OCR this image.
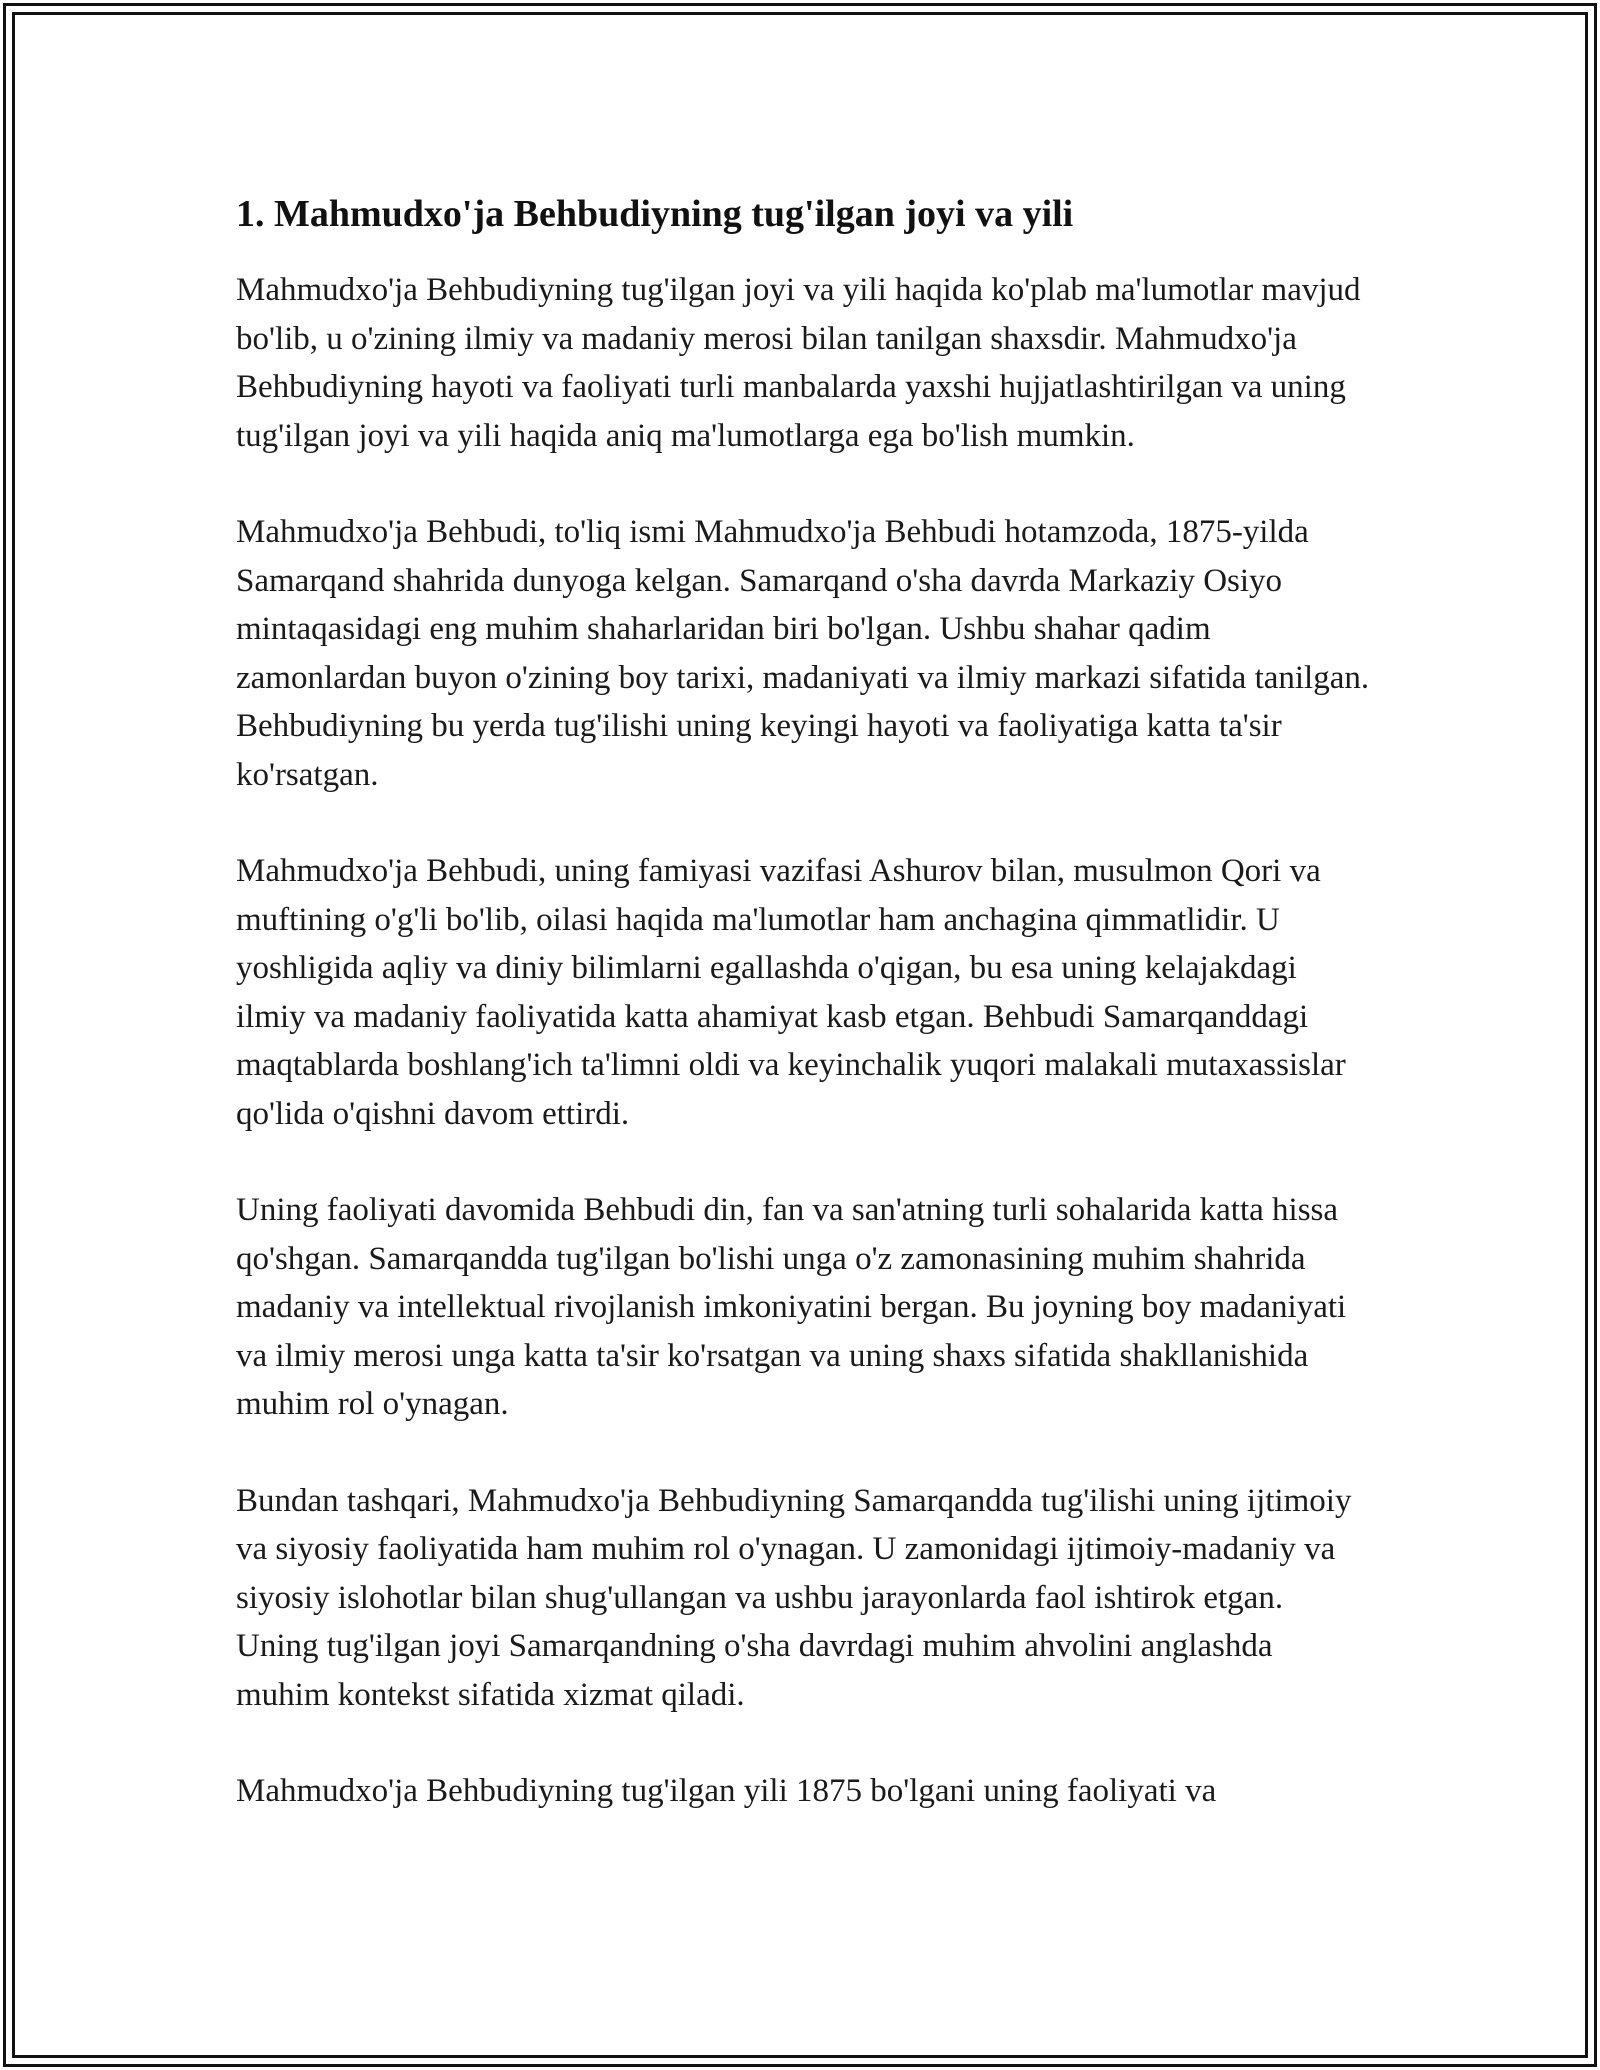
1. Mahmudxo'ja Behbudiyning tug'ilgan joyi va yili

Mahmudxo'ja Behbudiyning tug'ilgan joyi va yili haqida ko'plab ma'lumotlar mavjud bo'lib, u o'zining ilmiy va madaniy merosi bilan tanilgan shaxsdir. Mahmudxo'ja Behbudiyning hayoti va faoliyati turli manbalarda yaxshi hujjatlashtirilgan va uning tug'ilgan joyi va yili haqida aniq ma'lumotlarga ega bo'lish mumkin.

Mahmudxo'ja Behbudi, to'liq ismi Mahmudxo'ja Behbudi hotamzoda, 1875-yilda Samarqand shahrida dunyoga kelgan. Samarqand o'sha davrda Markaziy Osiyo mintaqasidagi eng muhim shaharlaridan biri bo'lgan. Ushbu shahar qadim zamonlardan buyon o'zining boy tarixi, madaniyati va ilmiy markazi sifatida tanilgan. Behbudiyning bu yerda tug'ilishi uning keyingi hayoti va faoliyatiga katta ta'sir ko'rsatgan.

Mahmudxo'ja Behbudi, uning famiyasi vazifasi Ashurov bilan, musulmon Qori va muftining o'g'li bo'lib, oilasi haqida ma'lumotlar ham anchagina qimmatlidir. U yoshligida aqliy va diniy bilimlarni egallashda o'qigan, bu esa uning kelajakdagi ilmiy va madaniy faoliyatida katta ahamiyat kasb etgan. Behbudi Samarqanddagi maqtablarda boshlang'ich ta'limni oldi va keyinchalik yuqori malakali mutaxassislar qo'lida o'qishni davom ettirdi.

Uning faoliyati davomida Behbudi din, fan va san'atning turli sohalarida katta hissa qo'shgan. Samarqandda tug'ilgan bo'lishi unga o'z zamonasining muhim shahrida madaniy va intellektual rivojlanish imkoniyatini bergan. Bu joyning boy madaniyati va ilmiy merosi unga katta ta'sir ko'rsatgan va uning shaxs sifatida shakllanishida muhim rol o'ynagan.

Bundan tashqari, Mahmudxo'ja Behbudiyning Samarqandda tug'ilishi uning ijtimoiy va siyosiy faoliyatida ham muhim rol o'ynagan. U zamonidagi ijtimoiy-madaniy va siyosiy islohotlar bilan shug'ullangan va ushbu jarayonlarda faol ishtirok etgan. Uning tug'ilgan joyi Samarqandning o'sha davrdagi muhim ahvolini anglashda muhim kontekst sifatida xizmat qiladi.

Mahmudxo'ja Behbudiyning tug'ilgan yili 1875 bo'lgani uning faoliyati va
